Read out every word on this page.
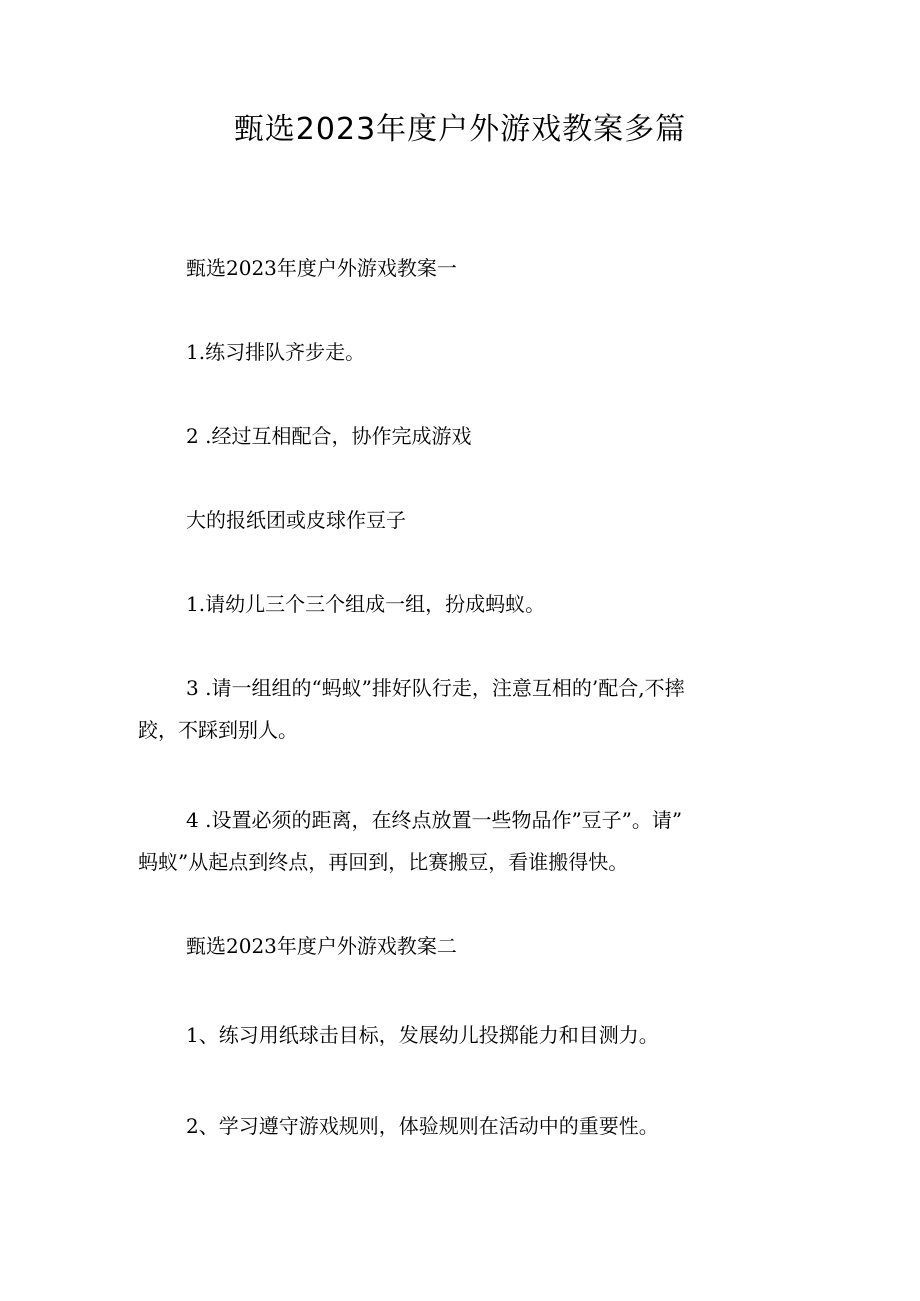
甄选2023年度户外游戏教案多篇
甄选2023年度户外游戏教案一
1.练习排队齐步走。
2 .经过互相配合，协作完成游戏
大的报纸团或皮球作豆子
1.请幼儿三个三个组成一组，扮成蚂蚁。
3 .请一组组的“蚂蚁”排好队行走，注意互相的’配合,不摔
跤，不踩到别人。
4 .设置必须的距离，在终点放置一些物品作”豆子”。请”
蚂蚁”从起点到终点，再回到，比赛搬豆，看谁搬得快。
甄选2023年度户外游戏教案二
1、练习用纸球击目标，发展幼儿投掷能力和目测力。
2、学习遵守游戏规则，体验规则在活动中的重要性。
